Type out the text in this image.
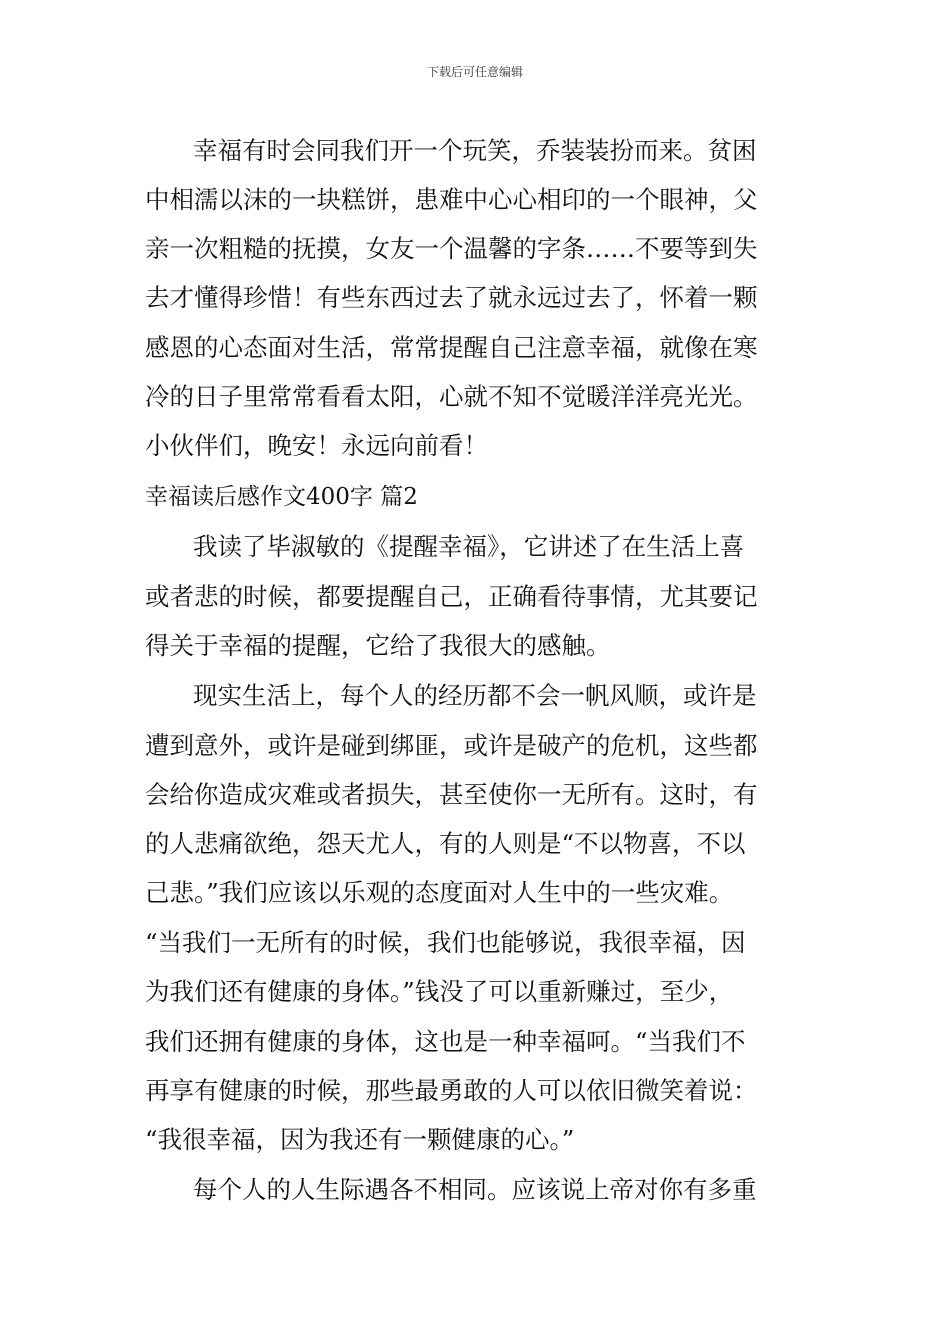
下载后可任意编辑
幸福有时会同我们开一个玩笑，乔装装扮而来。贫困
中相濡以沫的一块糕饼，患难中心心相印的一个眼神，父
亲一次粗糙的抚摸，女友一个温馨的字条……不要等到失
去才懂得珍惜！有些东西过去了就永远过去了，怀着一颗
感恩的心态面对生活，常常提醒自己注意幸福，就像在寒
冷的日子里常常看看太阳，心就不知不觉暖洋洋亮光光。
小伙伴们，晚安！永远向前看！
幸福读后感作文400字 篇2
我读了毕淑敏的《提醒幸福》，它讲述了在生活上喜
或者悲的时候，都要提醒自己，正确看待事情，尤其要记
得关于幸福的提醒，它给了我很大的感触。
现实生活上，每个人的经历都不会一帆风顺，或许是
遭到意外，或许是碰到绑匪，或许是破产的危机，这些都
会给你造成灾难或者损失，甚至使你一无所有。这时，有
的人悲痛欲绝，怨天尤人，有的人则是“不以物喜，不以
己悲。”我们应该以乐观的态度面对人生中的一些灾难。
“当我们一无所有的时候，我们也能够说，我很幸福，因
为我们还有健康的身体。”钱没了可以重新赚过，至少，
我们还拥有健康的身体，这也是一种幸福呵。“当我们不
再享有健康的时候，那些最勇敢的人可以依旧微笑着说：
“我很幸福，因为我还有一颗健康的心。”
每个人的人生际遇各不相同。应该说上帝对你有多重
